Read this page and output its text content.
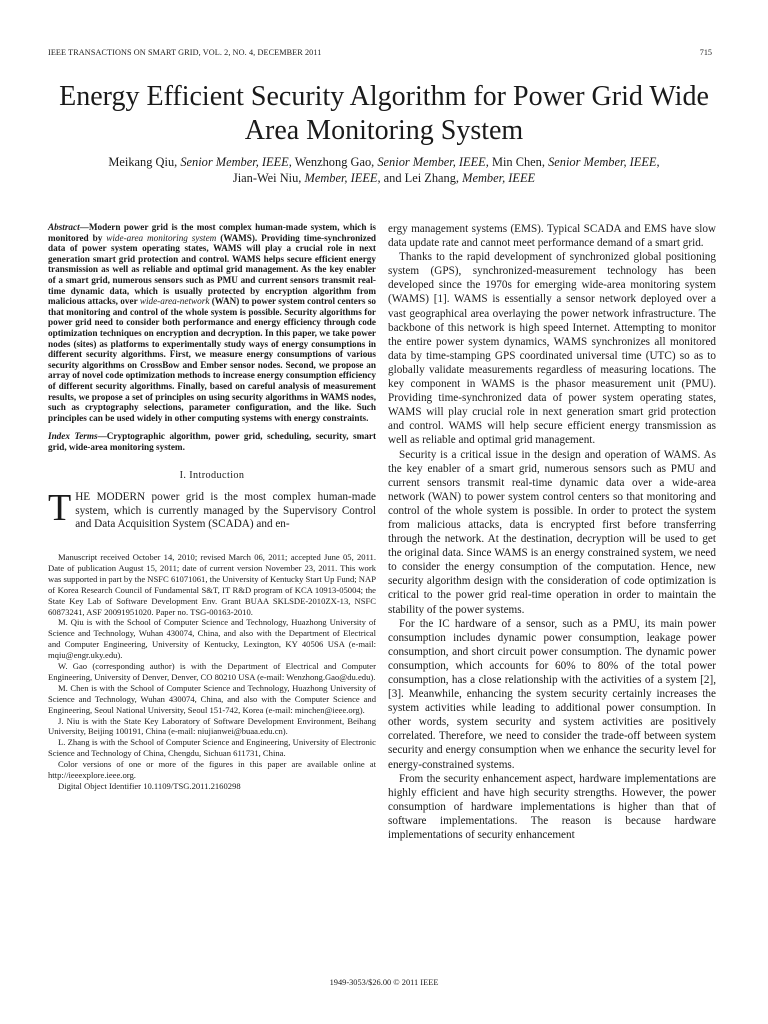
IEEE TRANSACTIONS ON SMART GRID, VOL. 2, NO. 4, DECEMBER 2011	715
Energy Efficient Security Algorithm for Power Grid Wide Area Monitoring System
Meikang Qiu, Senior Member, IEEE, Wenzhong Gao, Senior Member, IEEE, Min Chen, Senior Member, IEEE,
Jian-Wei Niu, Member, IEEE, and Lei Zhang, Member, IEEE
Abstract—Modern power grid is the most complex human-made system, which is monitored by wide-area monitoring system (WAMS). Providing time-synchronized data of power system operating states, WAMS will play a crucial role in next generation smart grid protection and control. WAMS helps secure efficient energy transmission as well as reliable and optimal grid management. As the key enabler of a smart grid, numerous sensors such as PMU and current sensors transmit real-time dynamic data, which is usually protected by encryption algorithm from malicious attacks, over wide-area-network (WAN) to power system control centers so that monitoring and control of the whole system is possible. Security algorithms for power grid need to consider both performance and energy efficiency through code optimization techniques on encryption and decryption. In this paper, we take power nodes (sites) as platforms to experimentally study ways of energy consumptions in different security algorithms. First, we measure energy consumptions of various security algorithms on CrossBow and Ember sensor nodes. Second, we propose an array of novel code optimization methods to increase energy consumption efficiency of different security algorithms. Finally, based on careful analysis of measurement results, we propose a set of principles on using security algorithms in WAMS nodes, such as cryptography selections, parameter configuration, and the like. Such principles can be used widely in other computing systems with energy constraints.
Index Terms—Cryptographic algorithm, power grid, scheduling, security, smart grid, wide-area monitoring system.
I. Introduction

THE MODERN power grid is the most complex human-made system, which is currently managed by the Supervisory Control and Data Acquisition System (SCADA) and en-

Manuscript received October 14, 2010; revised March 06, 2011; accepted June 05, 2011. Date of publication August 15, 2011; date of current version November 23, 2011. This work was supported in part by the NSFC 61071061, the University of Kentucky Start Up Fund; NAP of Korea Research Council of Fundamental S&T, IT R&D program of KCA 10913-05004; the State Key Lab of Software Development Env. Grant BUAA SKLSDE-2010ZX-13, NSFC 60873241, ASF 20091951020. Paper no. TSG-00163-2010.

M. Qiu is with the School of Computer Science and Technology, Huazhong University of Science and Technology, Wuhan 430074, China, and also with the Department of Electrical and Computer Engineering, University of Kentucky, Lexington, KY 40506 USA (e-mail: mqiu@engr.uky.edu).

W. Gao (corresponding author) is with the Department of Electrical and Computer Engineering, University of Denver, Denver, CO 80210 USA (e-mail: Wenzhong.Gao@du.edu).

M. Chen is with the School of Computer Science and Technology, Huazhong University of Science and Technology, Wuhan 430074, China, and also with the Computer Science and Engineering, Seoul National University, Seoul 151-742, Korea (e-mail: minchen@ieee.org).

J. Niu is with the State Key Laboratory of Software Development Environment, Beihang University, Beijing 100191, China (e-mail: niujianwei@buaa.edu.cn).

L. Zhang is with the School of Computer Science and Engineering, University of Electronic Science and Technology of China, Chengdu, Sichuan 611731, China.

Color versions of one or more of the figures in this paper are available online at http://ieeexplore.ieee.org.

Digital Object Identifier 10.1109/TSG.2011.2160298

ergy management systems (EMS). Typical SCADA and EMS have slow data update rate and cannot meet performance demand of a smart grid.

Thanks to the rapid development of synchronized global positioning system (GPS), synchronized-measurement technology has been developed since the 1970s for emerging wide-area monitoring system (WAMS) [1]. WAMS is essentially a sensor network deployed over a vast geographical area overlaying the power network infrastructure. The backbone of this network is high speed Internet. Attempting to monitor the entire power system dynamics, WAMS synchronizes all monitored data by time-stamping GPS coordinated universal time (UTC) so as to globally validate measurements regardless of measuring locations. The key component in WAMS is the phasor measurement unit (PMU). Providing time-synchronized data of power system operating states, WAMS will play crucial role in next generation smart grid protection and control. WAMS will help secure efficient energy transmission as well as reliable and optimal grid management.

Security is a critical issue in the design and operation of WAMS. As the key enabler of a smart grid, numerous sensors such as PMU and current sensors transmit real-time dynamic data over a wide-area network (WAN) to power system control centers so that monitoring and control of the whole system is possible. In order to protect the system from malicious attacks, data is encrypted first before transferring through the network. At the destination, decryption will be used to get the original data. Since WAMS is an energy constrained system, we need to consider the energy consumption of the computation. Hence, new security algorithm design with the consideration of code optimization is critical to the power grid real-time operation in order to maintain the stability of the power systems.

For the IC hardware of a sensor, such as a PMU, its main power consumption includes dynamic power consumption, leakage power consumption, and short circuit power consumption. The dynamic power consumption, which accounts for 60% to 80% of the total power consumption, has a close relationship with the activities of a system [2], [3]. Meanwhile, enhancing the system security certainly increases the system activities while leading to additional power consumption. In other words, system security and system activities are positively correlated. Therefore, we need to consider the trade-off between system security and energy consumption when we enhance the security level for energy-constrained systems.

From the security enhancement aspect, hardware implementations are highly efficient and have high security strengths. However, the power consumption of hardware implementations is higher than that of software implementations. The reason is because hardware implementations of security enhancement

1949-3053/$26.00 © 2011 IEEE
